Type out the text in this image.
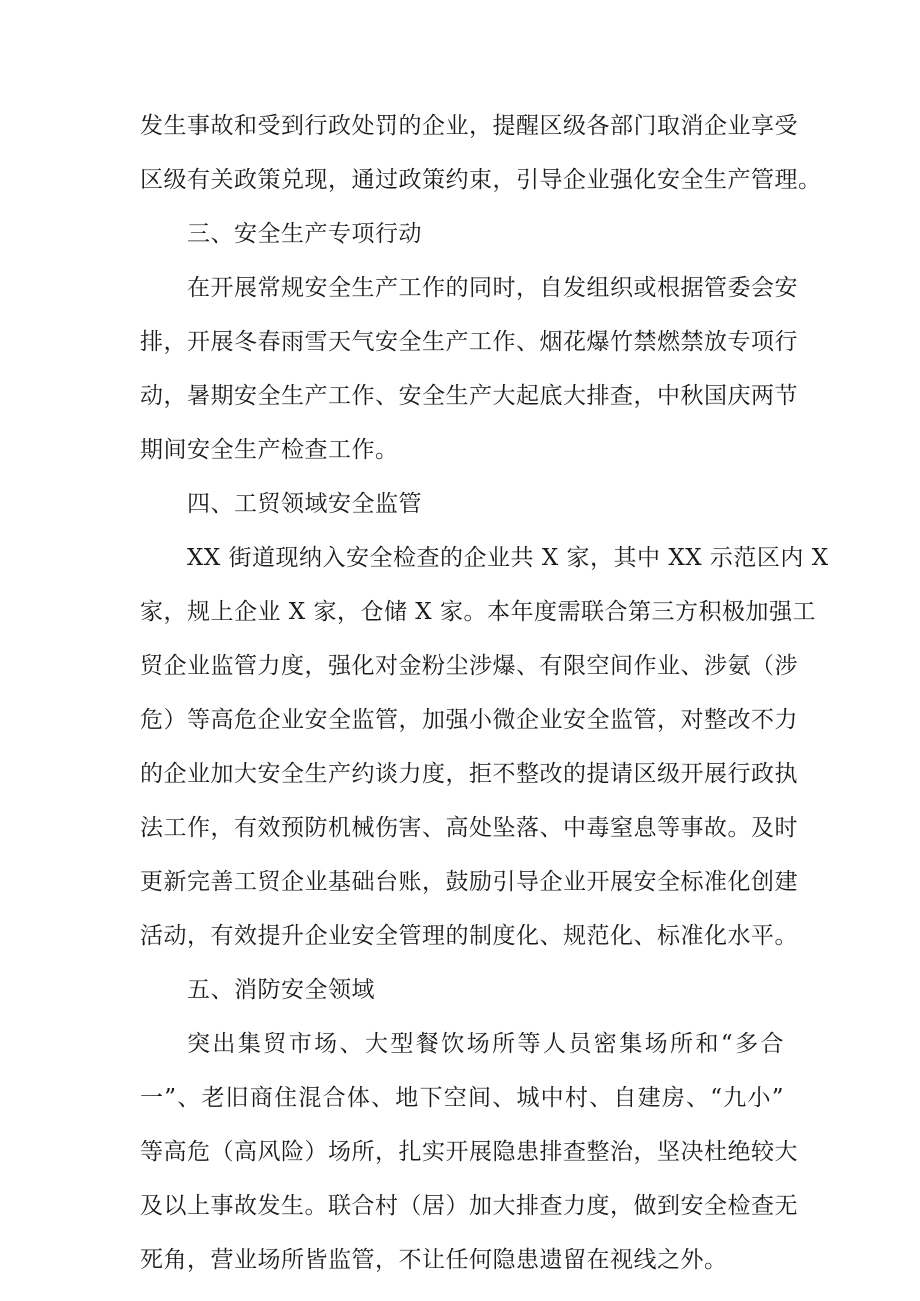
发生事故和受到行政处罚的企业，提醒区级各部门取消企业享受
区级有关政策兑现，通过政策约束，引导企业强化安全生产管理。
三、安全生产专项行动
在开展常规安全生产工作的同时，自发组织或根据管委会安
排，开展冬春雨雪天气安全生产工作、烟花爆竹禁燃禁放专项行
动，暑期安全生产工作、安全生产大起底大排查，中秋国庆两节
期间安全生产检查工作。
四、工贸领域安全监管
XX 街道现纳入安全检查的企业共 X 家，其中 XX 示范区内 X
家，规上企业 X 家，仓储 X 家。本年度需联合第三方积极加强工
贸企业监管力度，强化对金粉尘涉爆、有限空间作业、涉氨（涉
危）等高危企业安全监管，加强小微企业安全监管，对整改不力
的企业加大安全生产约谈力度，拒不整改的提请区级开展行政执
法工作，有效预防机械伤害、高处坠落、中毒窒息等事故。及时
更新完善工贸企业基础台账，鼓励引导企业开展安全标准化创建
活动，有效提升企业安全管理的制度化、规范化、标准化水平。
五、消防安全领域
突出集贸市场、大型餐饮场所等人员密集场所和“多合
一”、老旧商住混合体、地下空间、城中村、自建房、“九小”
等高危（高风险）场所，扎实开展隐患排查整治，坚决杜绝较大
及以上事故发生。联合村（居）加大排查力度，做到安全检查无
死角，营业场所皆监管，不让任何隐患遗留在视线之外。
